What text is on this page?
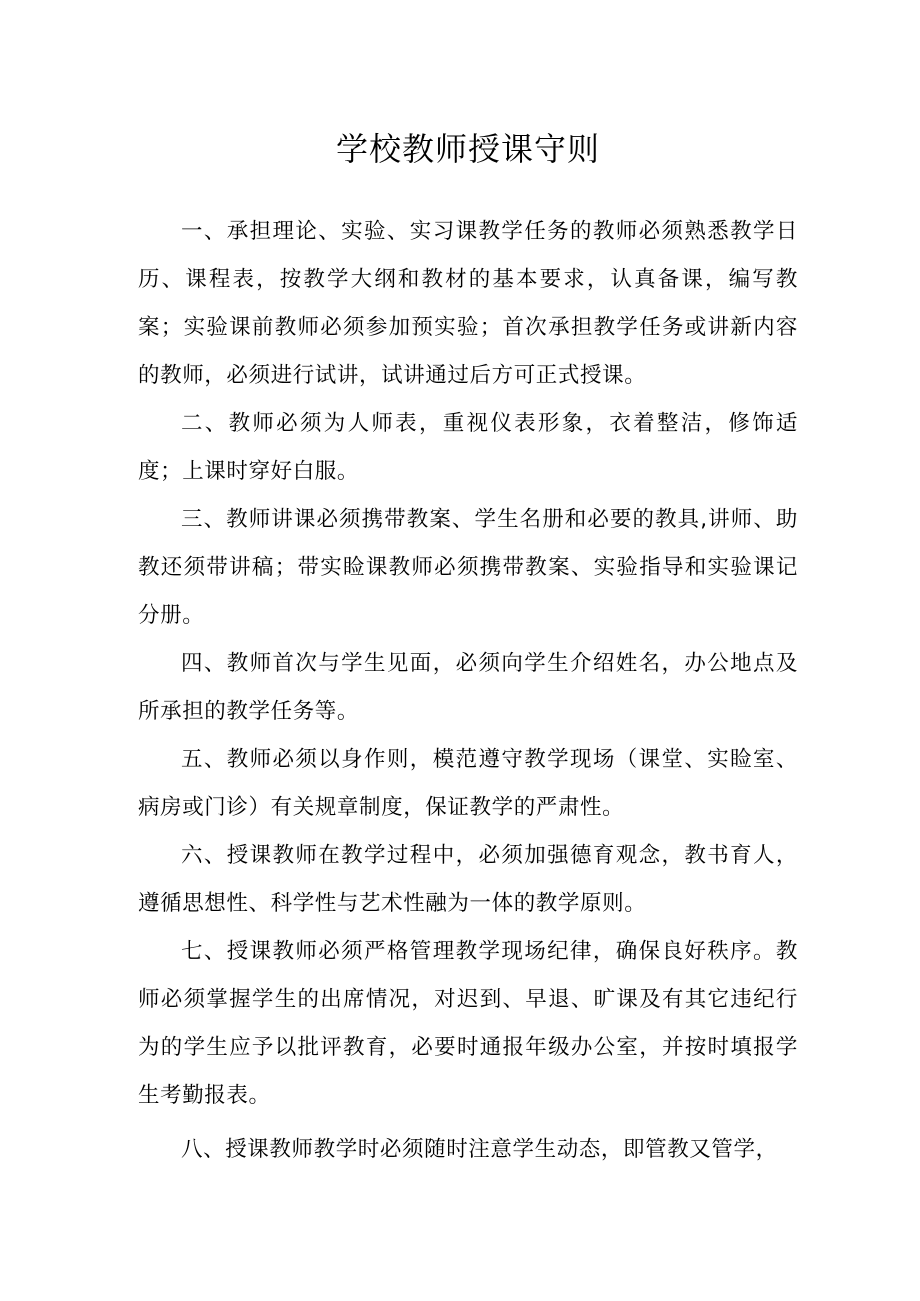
学校教师授课守则

一、承担理论、实验、实习课教学任务的教师必须熟悉教学日历、课程表，按教学大纲和教材的基本要求，认真备课，编写教案；实验课前教师必须参加预实验；首次承担教学任务或讲新内容的教师，必须进行试讲，试讲通过后方可正式授课。

二、教师必须为人师表，重视仪表形象，衣着整洁，修饰适度；上课时穿好白服。

三、教师讲课必须携带教案、学生名册和必要的教具,讲师、助教还须带讲稿；带实睑课教师必须携带教案、实验指导和实验课记分册。

四、教师首次与学生见面，必须向学生介绍姓名，办公地点及所承担的教学任务等。

五、教师必须以身作则，模范遵守教学现场（课堂、实睑室、病房或门诊）有关规章制度，保证教学的严肃性。

六、授课教师在教学过程中，必须加强德育观念，教书育人，遵循思想性、科学性与艺术性融为一体的教学原则。

七、授课教师必须严格管理教学现场纪律，确保良好秩序。教师必须掌握学生的出席情况，对迟到、早退、旷课及有其它违纪行为的学生应予以批评教育，必要时通报年级办公室，并按时填报学生考勤报表。

八、授课教师教学时必须随时注意学生动态，即管教又管学，
